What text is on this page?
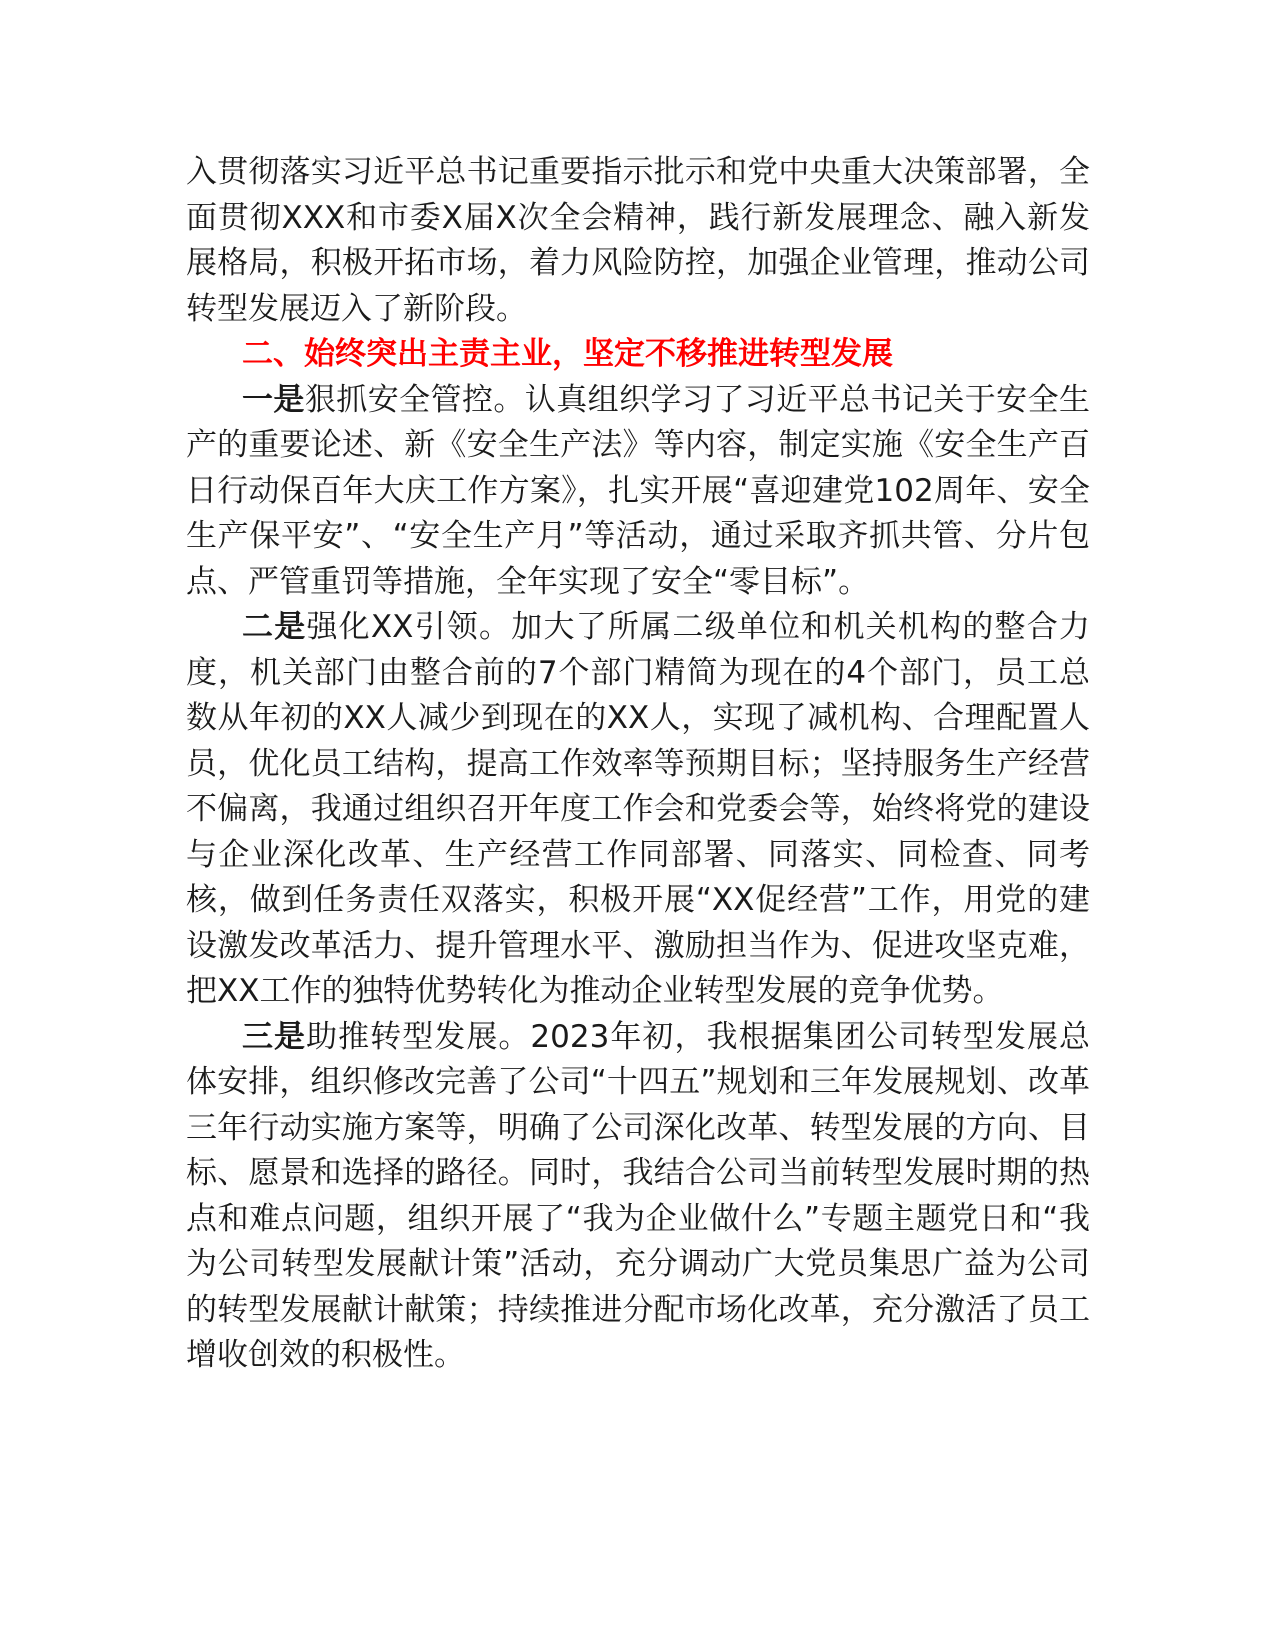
入贯彻落实习近平总书记重要指示批示和党中央重大决策部署，全面贯彻XXX和市委X届X次全会精神，践行新发展理念、融入新发展格局，积极开拓市场，着力风险防控，加强企业管理，推动公司转型发展迈入了新阶段。

二、始终突出主责主业，坚定不移推进转型发展

一是狠抓安全管控。认真组织学习了习近平总书记关于安全生产的重要论述、新《安全生产法》等内容，制定实施《安全生产百日行动保百年大庆工作方案》，扎实开展“喜迎建党102周年、安全生产保平安”、“安全生产月”等活动，通过采取齐抓共管、分片包点、严管重罚等措施，全年实现了安全“零目标”。

二是强化XX引领。加大了所属二级单位和机关机构的整合力度，机关部门由整合前的7个部门精简为现在的4个部门，员工总数从年初的XX人减少到现在的XX人，实现了减机构、合理配置人员，优化员工结构，提高工作效率等预期目标；坚持服务生产经营不偏离，我通过组织召开年度工作会和党委会等，始终将党的建设与企业深化改革、生产经营工作同部署、同落实、同检查、同考核，做到任务责任双落实，积极开展“XX促经营”工作，用党的建设激发改革活力、提升管理水平、激励担当作为、促进攻坚克难，把XX工作的独特优势转化为推动企业转型发展的竞争优势。

三是助推转型发展。2023年初，我根据集团公司转型发展总体安排，组织修改完善了公司“十四五”规划和三年发展规划、改革三年行动实施方案等，明确了公司深化改革、转型发展的方向、目标、愿景和选择的路径。同时，我结合公司当前转型发展时期的热点和难点问题，组织开展了“我为企业做什么”专题主题党日和“我为公司转型发展献计策”活动，充分调动广大党员集思广益为公司的转型发展献计献策；持续推进分配市场化改革，充分激活了员工增收创效的积极性。
